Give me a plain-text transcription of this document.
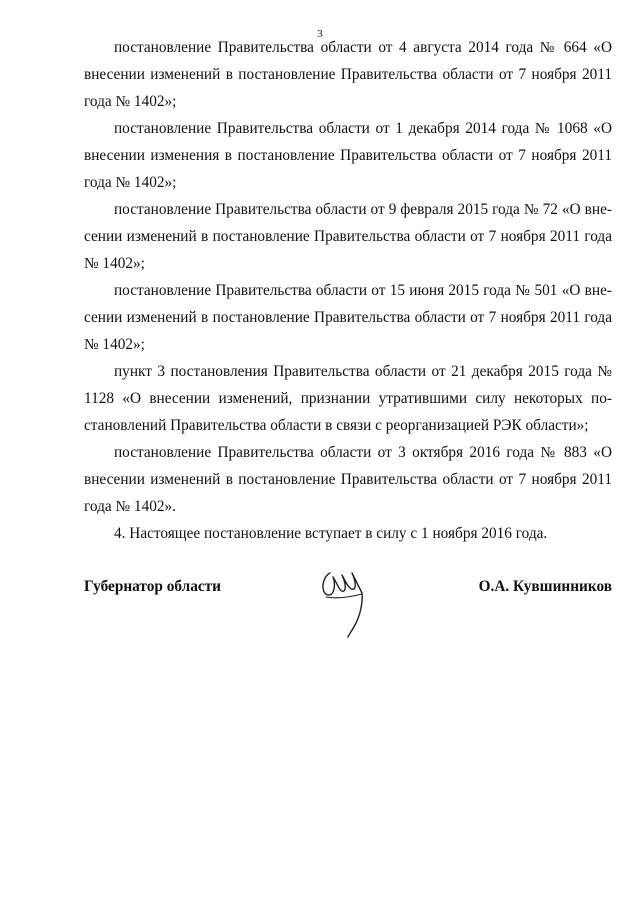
3

постановление Правительства области от 4 августа 2014 года № 664 «О внесении изменений в постановление Правительства области от 7 ноября 2011 года № 1402»;

постановление Правительства области от 1 декабря 2014 года № 1068 «О внесении изменения в постановление Правительства области от 7 ноября 2011 года № 1402»;

постановление Правительства области от 9 февраля 2015 года № 72 «О внесении изменений в постановление Правительства области от 7 ноября 2011 года № 1402»;

постановление Правительства области от 15 июня 2015 года № 501 «О внесении изменений в постановление Правительства области от 7 ноября 2011 года № 1402»;

пункт 3 постановления Правительства области от 21 декабря 2015 года № 1128 «О внесении изменений, признании утратившими силу некоторых постановлений Правительства области в связи с реорганизацией РЭК области»;

постановление Правительства области от 3 октября 2016 года № 883 «О внесении изменений в постановление Правительства области от 7 ноября 2011 года № 1402».

4. Настоящее постановление вступает в силу с 1 ноября 2016 года.

Губернатор области	О.А. Кувшинников
